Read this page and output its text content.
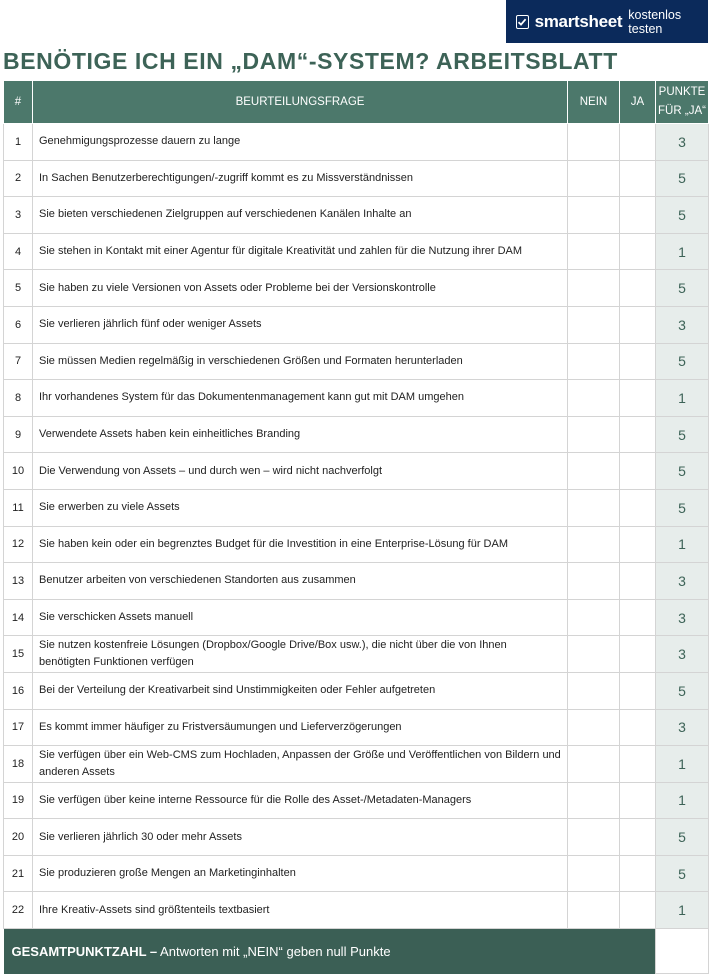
smartsheet kostenlos testen
BENÖTIGE ICH EIN „DAM“-SYSTEM? ARBEITSBLATT
#	BEURTEILUNGSFRAGE	NEIN	JA	PUNKTE
FÜR „JA“
1	Genehmigungsprozesse dauern zu lange			3
2	In Sachen Benutzerberechtigungen/-zugriff kommt es zu Missverständnissen			5
3	Sie bieten verschiedenen Zielgruppen auf verschiedenen Kanälen Inhalte an			5
4	Sie stehen in Kontakt mit einer Agentur für digitale Kreativität und zahlen für die Nutzung ihrer DAM			1
5	Sie haben zu viele Versionen von Assets oder Probleme bei der Versionskontrolle			5
6	Sie verlieren jährlich fünf oder weniger Assets			3
7	Sie müssen Medien regelmäßig in verschiedenen Größen und Formaten herunterladen			5
8	Ihr vorhandenes System für das Dokumentenmanagement kann gut mit DAM umgehen			1
9	Verwendete Assets haben kein einheitliches Branding			5
10	Die Verwendung von Assets – und durch wen – wird nicht nachverfolgt			5
11	Sie erwerben zu viele Assets			5
12	Sie haben kein oder ein begrenztes Budget für die Investition in eine Enterprise-Lösung für DAM			1
13	Benutzer arbeiten von verschiedenen Standorten aus zusammen			3
14	Sie verschicken Assets manuell			3
15	Sie nutzen kostenfreie Lösungen (Dropbox/Google Drive/Box usw.), die nicht über die von Ihnen benötigten Funktionen verfügen			3
16	Bei der Verteilung der Kreativarbeit sind Unstimmigkeiten oder Fehler aufgetreten			5
17	Es kommt immer häufiger zu Fristversäumungen und Lieferverzögerungen			3
18	Sie verfügen über ein Web-CMS zum Hochladen, Anpassen der Größe und Veröffentlichen von Bildern und anderen Assets			1
19	Sie verfügen über keine interne Ressource für die Rolle des Asset-/Metadaten-Managers			1
20	Sie verlieren jährlich 30 oder mehr Assets			5
21	Sie produzieren große Mengen an Marketinginhalten			5
22	Ihre Kreativ-Assets sind größtenteils textbasiert			1
GESAMTPUNKTZAHL – Antworten mit „NEIN“ geben null Punkte				
